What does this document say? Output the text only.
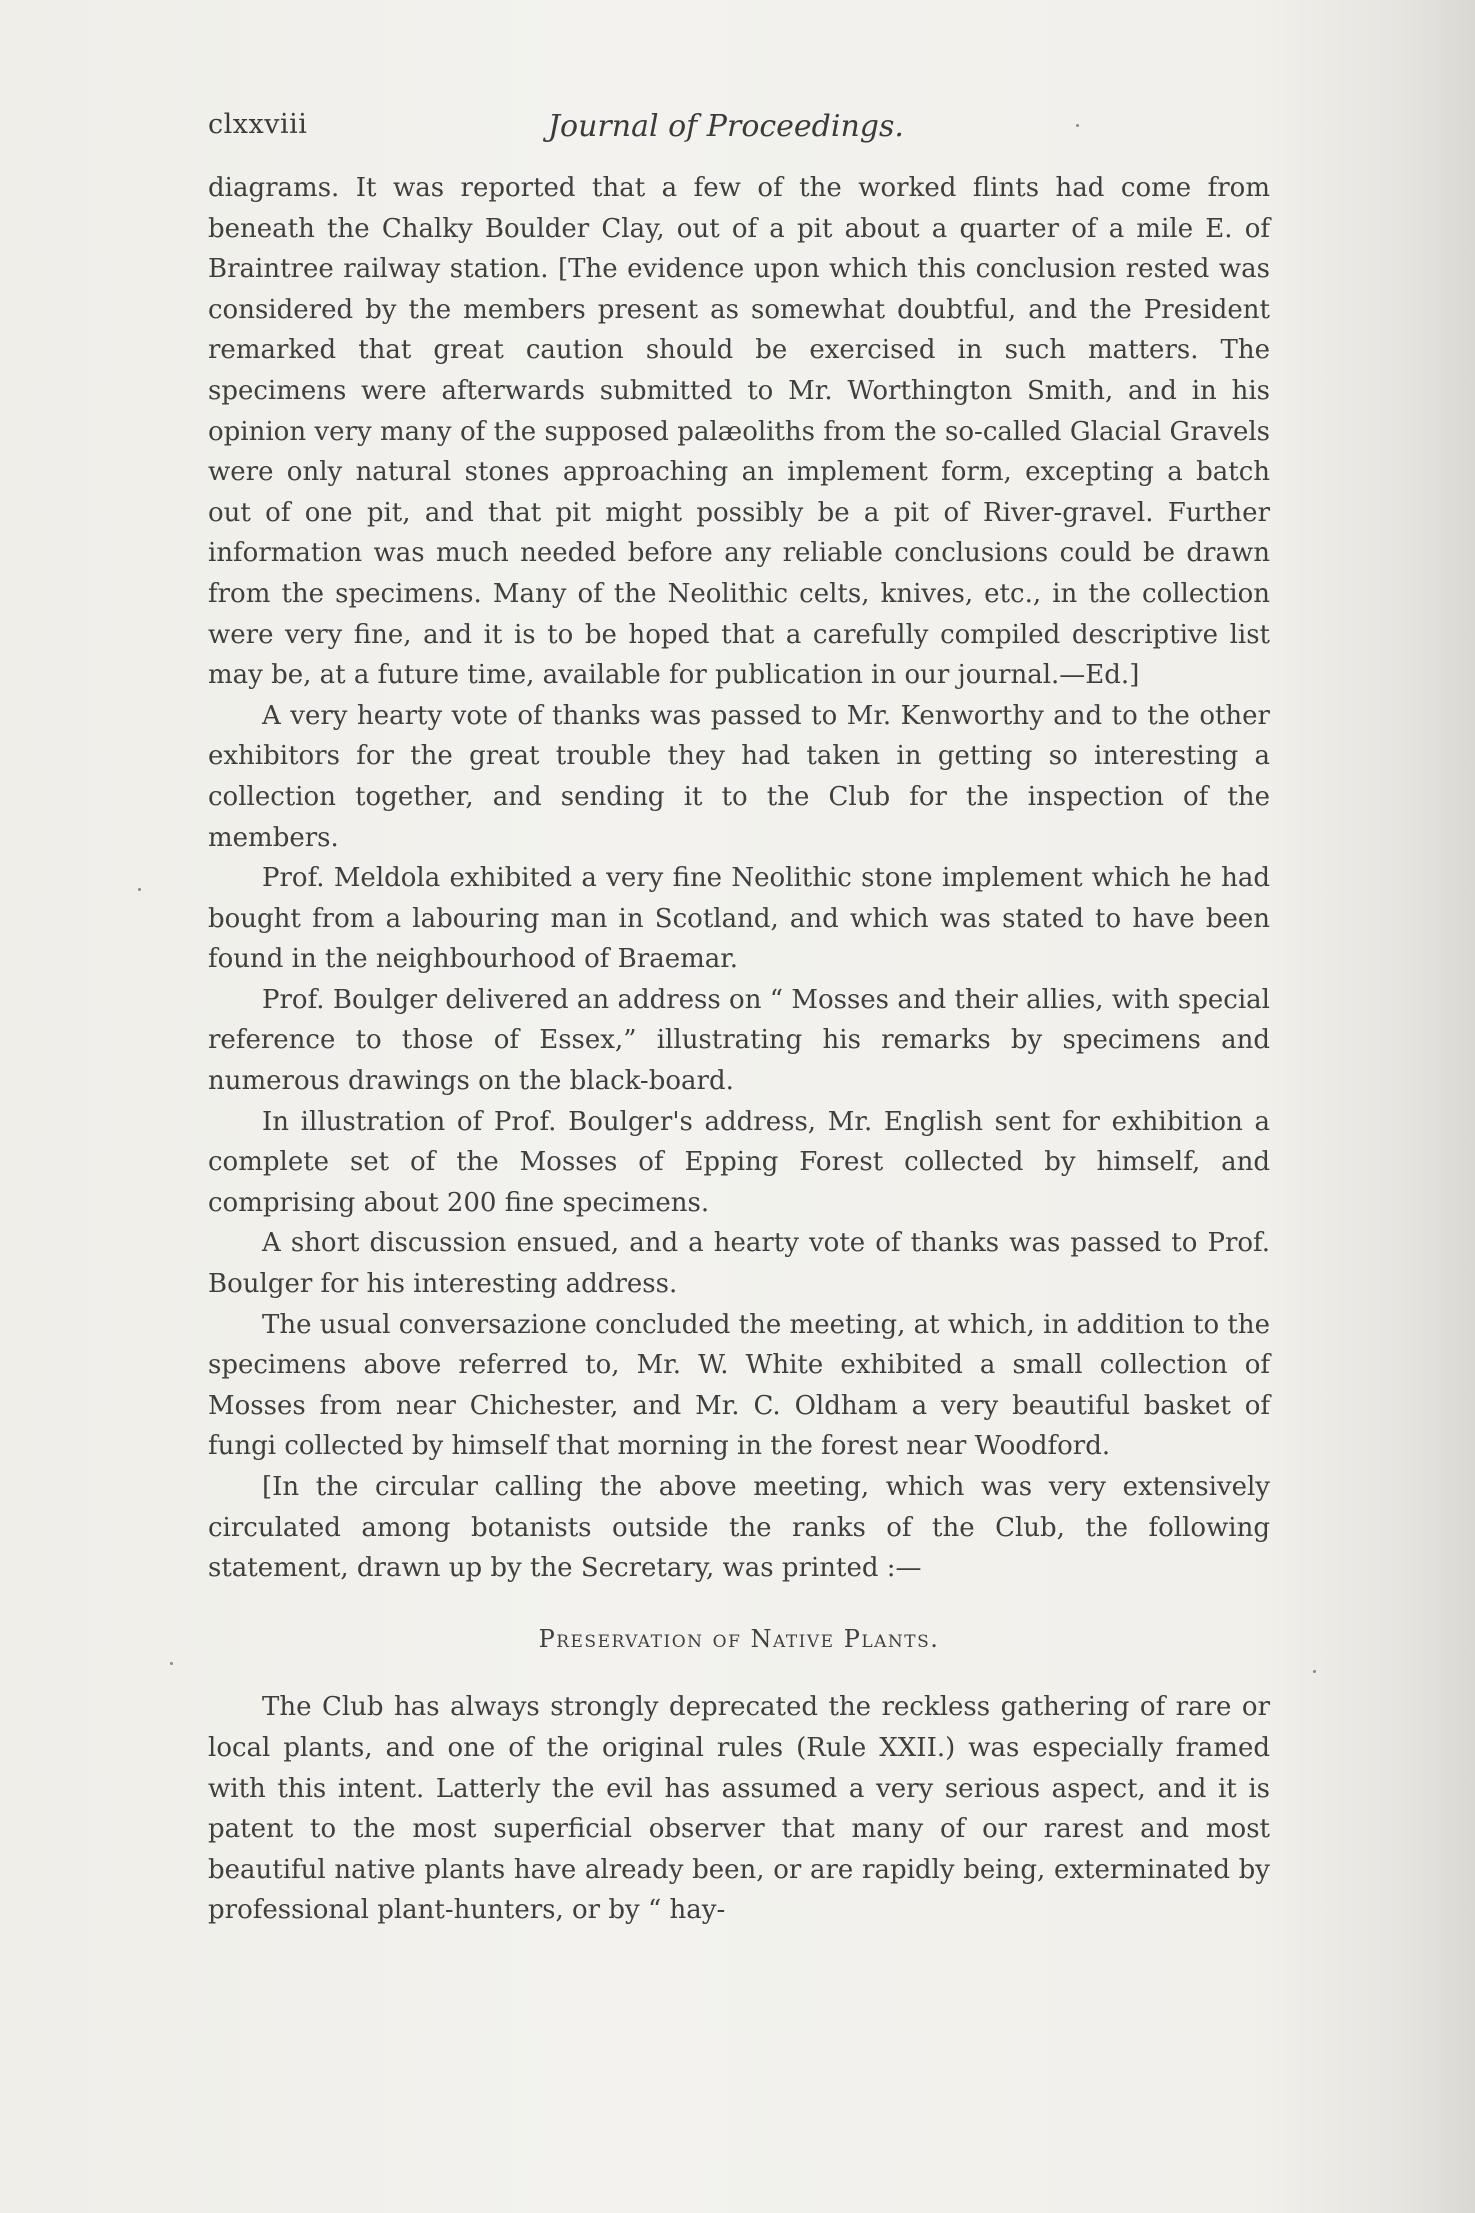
clxxviii	Journal of Proceedings.

diagrams. It was reported that a few of the worked flints had come from beneath the Chalky Boulder Clay, out of a pit about a quarter of a mile E. of Braintree railway station. [The evidence upon which this conclusion rested was considered by the members present as somewhat doubtful, and the President remarked that great caution should be exercised in such matters. The specimens were afterwards submitted to Mr. Worthington Smith, and in his opinion very many of the supposed palæoliths from the so-called Glacial Gravels were only natural stones approaching an implement form, excepting a batch out of one pit, and that pit might possibly be a pit of River-gravel. Further information was much needed before any reliable conclusions could be drawn from the specimens. Many of the Neolithic celts, knives, etc., in the collection were very fine, and it is to be hoped that a carefully compiled descriptive list may be, at a future time, available for publication in our journal.—Ed.]

A very hearty vote of thanks was passed to Mr. Kenworthy and to the other exhibitors for the great trouble they had taken in getting so interesting a collection together, and sending it to the Club for the inspection of the members.

Prof. Meldola exhibited a very fine Neolithic stone implement which he had bought from a labouring man in Scotland, and which was stated to have been found in the neighbourhood of Braemar.

Prof. Boulger delivered an address on “ Mosses and their allies, with special reference to those of Essex,” illustrating his remarks by specimens and numerous drawings on the black-board.

In illustration of Prof. Boulger's address, Mr. English sent for exhibition a complete set of the Mosses of Epping Forest collected by himself, and comprising about 200 fine specimens.

A short discussion ensued, and a hearty vote of thanks was passed to Prof. Boulger for his interesting address.

The usual conversazione concluded the meeting, at which, in addition to the specimens above referred to, Mr. W. White exhibited a small collection of Mosses from near Chichester, and Mr. C. Oldham a very beautiful basket of fungi collected by himself that morning in the forest near Woodford.

[In the circular calling the above meeting, which was very extensively circulated among botanists outside the ranks of the Club, the following statement, drawn up by the Secretary, was printed :—

Preservation of Native Plants.

The Club has always strongly deprecated the reckless gathering of rare or local plants, and one of the original rules (Rule XXII.) was especially framed with this intent. Latterly the evil has assumed a very serious aspect, and it is patent to the most superficial observer that many of our rarest and most beautiful native plants have already been, or are rapidly being, exterminated by professional plant-hunters, or by “ hay-
